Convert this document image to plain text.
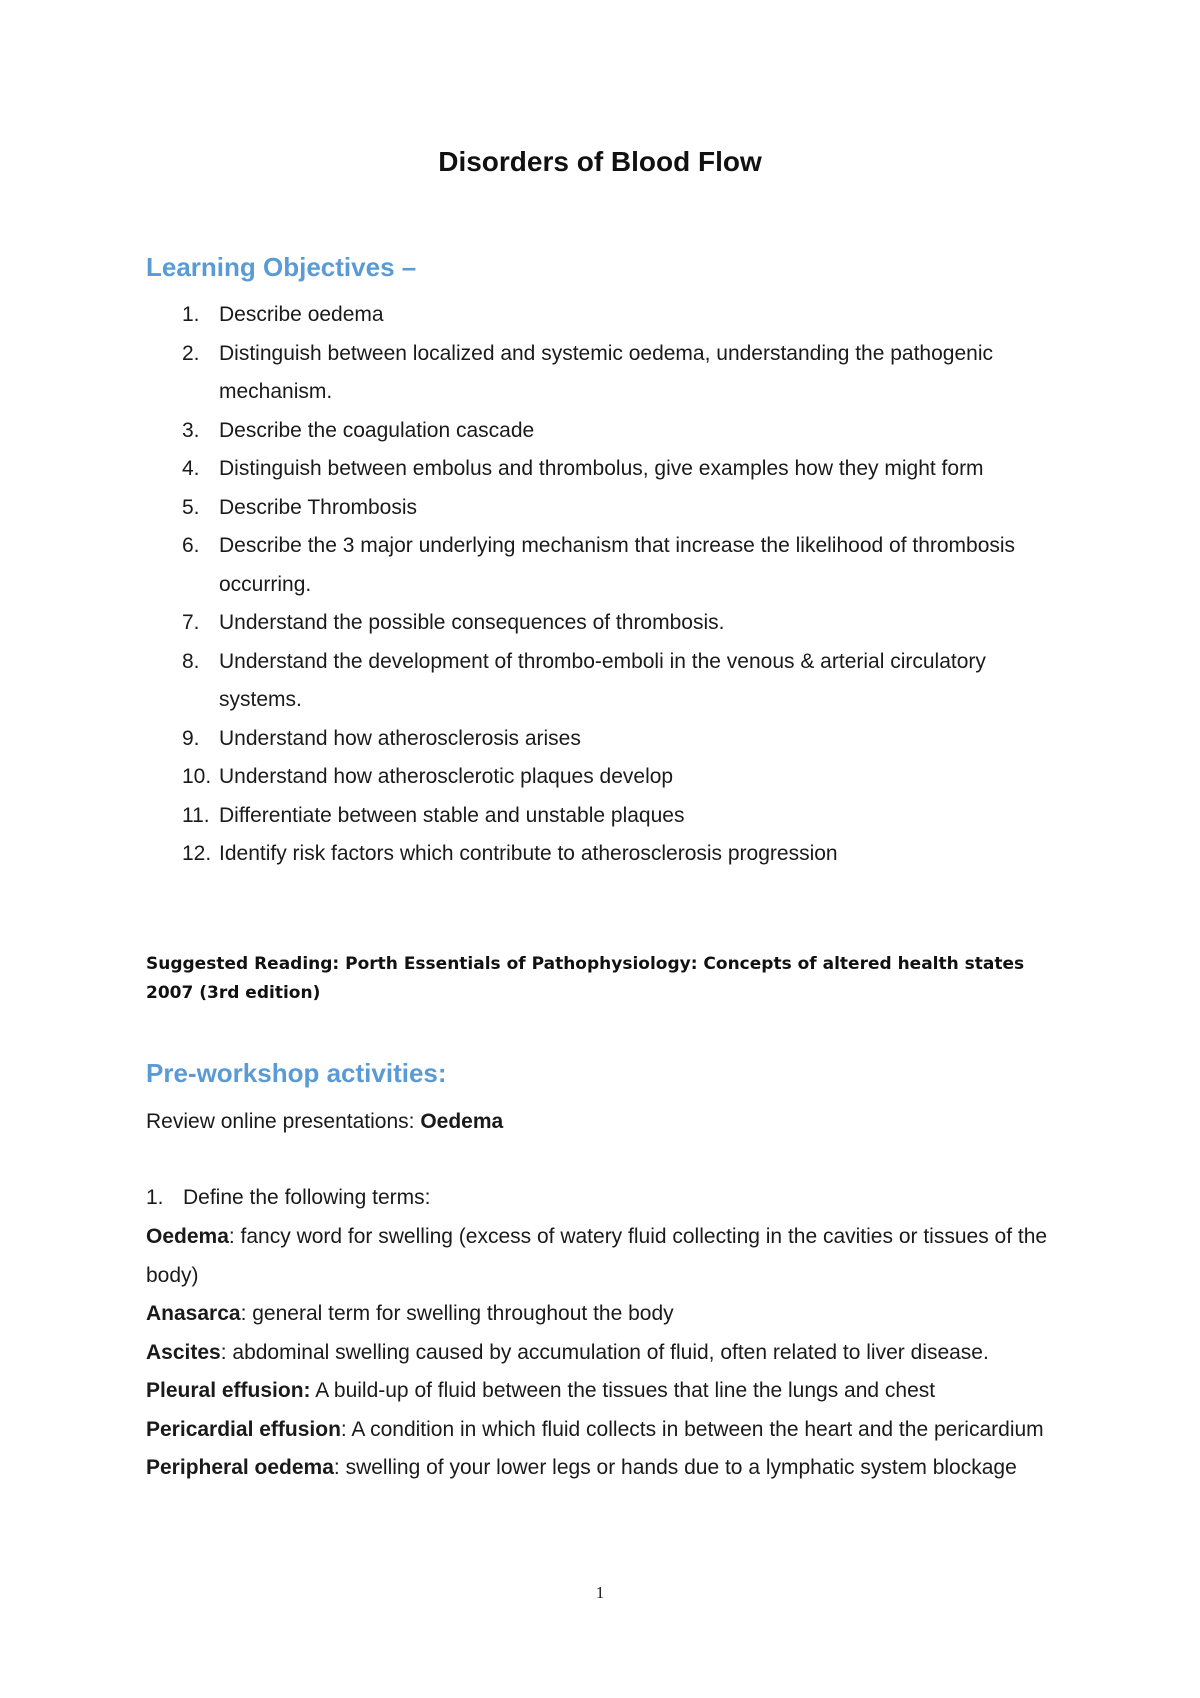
Disorders of Blood Flow
Learning Objectives –
1. Describe oedema
2. Distinguish between localized and systemic oedema, understanding the pathogenic mechanism.
3. Describe the coagulation cascade
4. Distinguish between embolus and thrombolus, give examples how they might form
5. Describe Thrombosis
6. Describe the 3 major underlying mechanism that increase the likelihood of thrombosis occurring.
7. Understand the possible consequences of thrombosis.
8. Understand the development of thrombo-emboli in the venous & arterial circulatory systems.
9. Understand how atherosclerosis arises
10. Understand how atherosclerotic plaques develop
11. Differentiate between stable and unstable plaques
12. Identify risk factors which contribute to atherosclerosis progression
Suggested Reading: Porth Essentials of Pathophysiology: Concepts of altered health states 2007 (3rd edition)
Pre-workshop activities:
Review online presentations: Oedema
1. Define the following terms:
Oedema: fancy word for swelling (excess of watery fluid collecting in the cavities or tissues of the body)
Anasarca: general term for swelling throughout the body
Ascites: abdominal swelling caused by accumulation of fluid, often related to liver disease.
Pleural effusion: A build-up of fluid between the tissues that line the lungs and chest
Pericardial effusion: A condition in which fluid collects in between the heart and the pericardium
Peripheral oedema: swelling of your lower legs or hands due to a lymphatic system blockage
1
